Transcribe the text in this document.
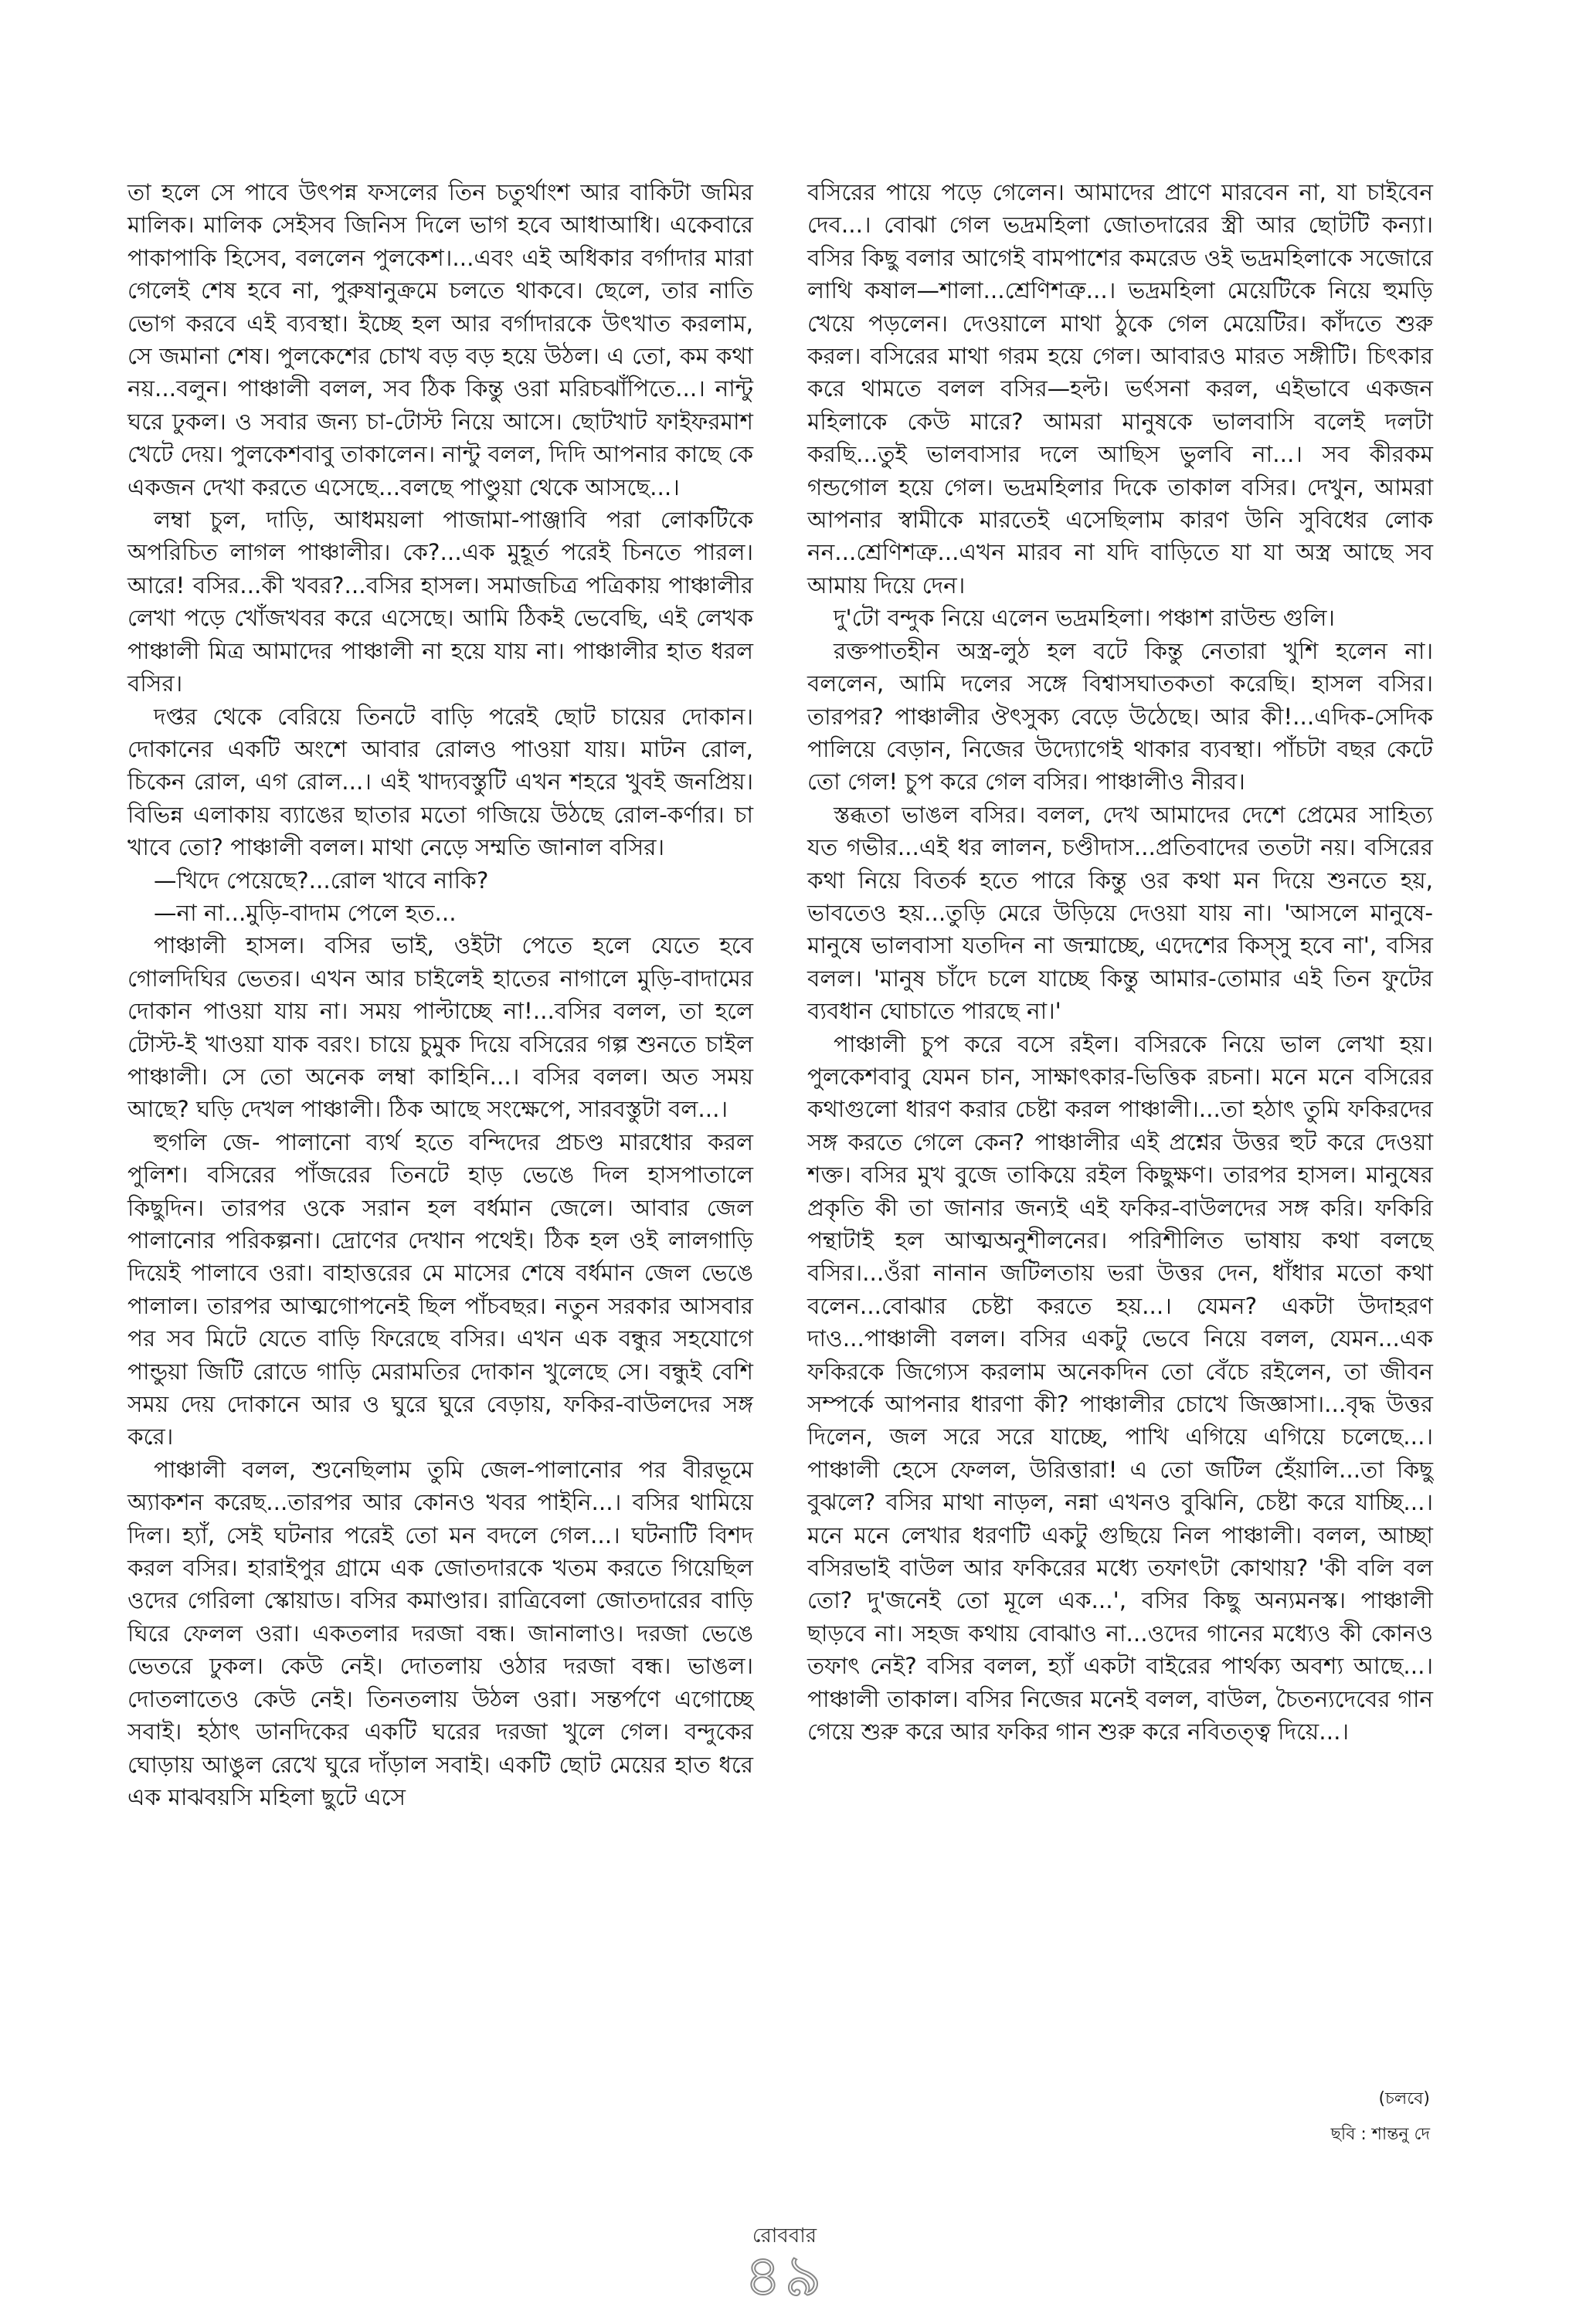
তা হলে সে পাবে উৎপন্ন ফসলের তিন চতুর্থাংশ আর বাকিটা জমির মালিক। মালিক সেইসব জিনিস দিলে ভাগ হবে আধাআধি। একেবারে পাকাপাকি হিসেব, বললেন পুলকেশ।...এবং এই অধিকার বর্গাদার মারা গেলেই শেষ হবে না, পুরুষানুক্রমে চলতে থাকবে। ছেলে, তার নাতি ভোগ করবে এই ব্যবস্থা। ইচ্ছে হল আর বর্গাদারকে উৎখাত করলাম, সে জমানা শেষ। পুলকেশের চোখ বড় বড় হয়ে উঠল। এ তো, কম কথা নয়...বলুন। পাঞ্চালী বলল, সব ঠিক কিন্তু ওরা মরিচঝাঁপিতে...। নান্টু ঘরে ঢুকল। ও সবার জন্য চা-টোস্ট নিয়ে আসে। ছোটখাট ফাইফরমাশ খেটে দেয়। পুলকেশবাবু তাকালেন। নান্টু বলল, দিদি আপনার কাছে কে একজন দেখা করতে এসেছে...বলছে পাণ্ডুয়া থেকে আসছে...।

লম্বা চুল, দাড়ি, আধময়লা পাজামা-পাঞ্জাবি পরা লোকটিকে অপরিচিত লাগল পাঞ্চালীর। কে?...এক মুহূর্ত পরেই চিনতে পারল। আরে! বসির...কী খবর?...বসির হাসল। সমাজচিত্র পত্রিকায় পাঞ্চালীর লেখা পড়ে খোঁজখবর করে এসেছে। আমি ঠিকই ভেবেছি, এই লেখক পাঞ্চালী মিত্র আমাদের পাঞ্চালী না হয়ে যায় না। পাঞ্চালীর হাত ধরল বসির।

দপ্তর থেকে বেরিয়ে তিনটে বাড়ি পরেই ছোট চায়ের দোকান। দোকানের একটি অংশে আবার রোলও পাওয়া যায়। মাটন রোল, চিকেন রোল, এগ রোল...। এই খাদ্যবস্তুটি এখন শহরে খুবই জনপ্রিয়। বিভিন্ন এলাকায় ব্যাঙের ছাতার মতো গজিয়ে উঠছে রোল-কর্ণার। চা খাবে তো? পাঞ্চালী বলল। মাথা নেড়ে সম্মতি জানাল বসির।

—খিদে পেয়েছে?...রোল খাবে নাকি?

—না না...মুড়ি-বাদাম পেলে হত...

পাঞ্চালী হাসল। বসির ভাই, ওইটা পেতে হলে যেতে হবে গোলদিঘির ভেতর। এখন আর চাইলেই হাতের নাগালে মুড়ি-বাদামের দোকান পাওয়া যায় না। সময় পাল্টাচ্ছে না!...বসির বলল, তা হলে টোস্ট-ই খাওয়া যাক বরং। চায়ে চুমুক দিয়ে বসিরের গল্প শুনতে চাইল পাঞ্চালী। সে তো অনেক লম্বা কাহিনি...। বসির বলল। অত সময় আছে? ঘড়ি দেখল পাঞ্চালী। ঠিক আছে সংক্ষেপে, সারবস্তুটা বল...।

হুগলি জে- পালানো ব্যর্থ হতে বন্দিদের প্রচণ্ড মারধোর করল পুলিশ। বসিরের পাঁজরের তিনটে হাড় ভেঙে দিল হাসপাতালে কিছুদিন। তারপর ওকে সরান হল বর্ধমান জেলে। আবার জেল পালানোর পরিকল্পনা। দ্রোণের দেখান পথেই। ঠিক হল ওই লালগাড়ি দিয়েই পালাবে ওরা। বাহাত্তরের মে মাসের শেষে বর্ধমান জেল ভেঙে পালাল। তারপর আত্মগোপনেই ছিল পাঁচবছর। নতুন সরকার আসবার পর সব মিটে যেতে বাড়ি ফিরেছে বসির। এখন এক বন্ধুর সহযোগে পান্ডুয়া জিটি রোডে গাড়ি মেরামতির দোকান খুলেছে সে। বন্ধুই বেশি সময় দেয় দোকানে আর ও ঘুরে ঘুরে বেড়ায়, ফকির-বাউলদের সঙ্গ করে।

পাঞ্চালী বলল, শুনেছিলাম তুমি জেল-পালানোর পর বীরভূমে অ্যাকশন করেছ...তারপর আর কোনও খবর পাইনি...। বসির থামিয়ে দিল। হ্যাঁ, সেই ঘটনার পরেই তো মন বদলে গেল...। ঘটনাটি বিশদ করল বসির। হারাইপুর গ্রামে এক জোতদারকে খতম করতে গিয়েছিল ওদের গেরিলা স্কোয়াড। বসির কমাণ্ডার। রাত্রিবেলা জোতদারের বাড়ি ঘিরে ফেলল ওরা। একতলার দরজা বন্ধ। জানালাও। দরজা ভেঙে ভেতরে ঢুকল। কেউ নেই। দোতলায় ওঠার দরজা বন্ধ। ভাঙল। দোতলাতেও কেউ নেই। তিনতলায় উঠল ওরা। সন্তর্পণে এগোচ্ছে সবাই। হঠাৎ ডানদিকের একটি ঘরের দরজা খুলে গেল। বন্দুকের ঘোড়ায় আঙুল রেখে ঘুরে দাঁড়াল সবাই। একটি ছোট মেয়ের হাত ধরে এক মাঝবয়সি মহিলা ছুটে এসে

বসিরের পায়ে পড়ে গেলেন। আমাদের প্রাণে মারবেন না, যা চাইবেন দেব...। বোঝা গেল ভদ্রমহিলা জোতদারের স্ত্রী আর ছোটটি কন্যা। বসির কিছু বলার আগেই বামপাশের কমরেড ওই ভদ্রমহিলাকে সজোরে লাথি কষাল—শালা...শ্রেণিশত্রু...। ভদ্রমহিলা মেয়েটিকে নিয়ে হুমড়ি খেয়ে পড়লেন। দেওয়ালে মাথা ঠুকে গেল মেয়েটির। কাঁদতে শুরু করল। বসিরের মাথা গরম হয়ে গেল। আবারও মারত সঙ্গীটি। চিৎকার করে থামতে বলল বসির—হল্ট। ভর্ৎসনা করল, এইভাবে একজন মহিলাকে কেউ মারে? আমরা মানুষকে ভালবাসি বলেই দলটা করছি...তুই ভালবাসার দলে আছিস ভুলবি না...। সব কীরকম গন্ডগোল হয়ে গেল। ভদ্রমহিলার দিকে তাকাল বসির। দেখুন, আমরা আপনার স্বামীকে মারতেই এসেছিলাম কারণ উনি সুবিধের লোক নন...শ্রেণিশত্রু...এখন মারব না যদি বাড়িতে যা যা অস্ত্র আছে সব আমায় দিয়ে দেন।

দু'টো বন্দুক নিয়ে এলেন ভদ্রমহিলা। পঞ্চাশ রাউন্ড গুলি।

রক্তপাতহীন অস্ত্র-লুঠ হল বটে কিন্তু নেতারা খুশি হলেন না। বললেন, আমি দলের সঙ্গে বিশ্বাসঘাতকতা করেছি। হাসল বসির। তারপর? পাঞ্চালীর ঔৎসুক্য বেড়ে উঠেছে। আর কী!...এদিক-সেদিক পালিয়ে বেড়ান, নিজের উদ্যোগেই থাকার ব্যবস্থা। পাঁচটা বছর কেটে তো গেল! চুপ করে গেল বসির। পাঞ্চালীও নীরব।

স্তব্ধতা ভাঙল বসির। বলল, দেখ আমাদের দেশে প্রেমের সাহিত্য যত গভীর...এই ধর লালন, চণ্ডীদাস...প্রতিবাদের ততটা নয়। বসিরের কথা নিয়ে বিতর্ক হতে পারে কিন্তু ওর কথা মন দিয়ে শুনতে হয়, ভাবতেও হয়...তুড়ি মেরে উড়িয়ে দেওয়া যায় না। 'আসলে মানুষে-মানুষে ভালবাসা যতদিন না জন্মাচ্ছে, এদেশের কিস্সু হবে না', বসির বলল। 'মানুষ চাঁদে চলে যাচ্ছে কিন্তু আমার-তোমার এই তিন ফুটের ব্যবধান ঘোচাতে পারছে না।'

পাঞ্চালী চুপ করে বসে রইল। বসিরকে নিয়ে ভাল লেখা হয়। পুলকেশবাবু যেমন চান, সাক্ষাৎকার-ভিত্তিক রচনা। মনে মনে বসিরের কথাগুলো ধারণ করার চেষ্টা করল পাঞ্চালী।...তা হঠাৎ তুমি ফকিরদের সঙ্গ করতে গেলে কেন? পাঞ্চালীর এই প্রশ্নের উত্তর হুট করে দেওয়া শক্ত। বসির মুখ বুজে তাকিয়ে রইল কিছুক্ষণ। তারপর হাসল। মানুষের প্রকৃতি কী তা জানার জন্যই এই ফকির-বাউলদের সঙ্গ করি। ফকিরি পন্থাটাই হল আত্মঅনুশীলনের। পরিশীলিত ভাষায় কথা বলছে বসির।...ওঁরা নানান জটিলতায় ভরা উত্তর দেন, ধাঁধার মতো কথা বলেন...বোঝার চেষ্টা করতে হয়...। যেমন? একটা উদাহরণ দাও...পাঞ্চালী বলল। বসির একটু ভেবে নিয়ে বলল, যেমন...এক ফকিরকে জিগ্যেস করলাম অনেকদিন তো বেঁচে রইলেন, তা জীবন সম্পর্কে আপনার ধারণা কী? পাঞ্চালীর চোখে জিজ্ঞাসা।...বৃদ্ধ উত্তর দিলেন, জল সরে সরে যাচ্ছে, পাখি এগিয়ে এগিয়ে চলেছে...। পাঞ্চালী হেসে ফেলল, উরিত্তারা! এ তো জটিল হেঁয়ালি...তা কিছু বুঝলে? বসির মাথা নাড়ল, নন্না এখনও বুঝিনি, চেষ্টা করে যাচ্ছি...। মনে মনে লেখার ধরণটি একটু গুছিয়ে নিল পাঞ্চালী। বলল, আচ্ছা বসিরভাই বাউল আর ফকিরের মধ্যে তফাৎটা কোথায়? 'কী বলি বল তো? দু'জনেই তো মূলে এক...', বসির কিছু অন্যমনস্ক। পাঞ্চালী ছাড়বে না। সহজ কথায় বোঝাও না...ওদের গানের মধ্যেও কী কোনও তফাৎ নেই? বসির বলল, হ্যাঁ একটা বাইরের পার্থক্য অবশ্য আছে...। পাঞ্চালী তাকাল। বসির নিজের মনেই বলল, বাউল, চৈতন্যদেবের গান গেয়ে শুরু করে আর ফকির গান শুরু করে নবিতত্ত্ব দিয়ে...।

(চলবে)
ছবি : শান্তনু দে
রোববার
৪৯
